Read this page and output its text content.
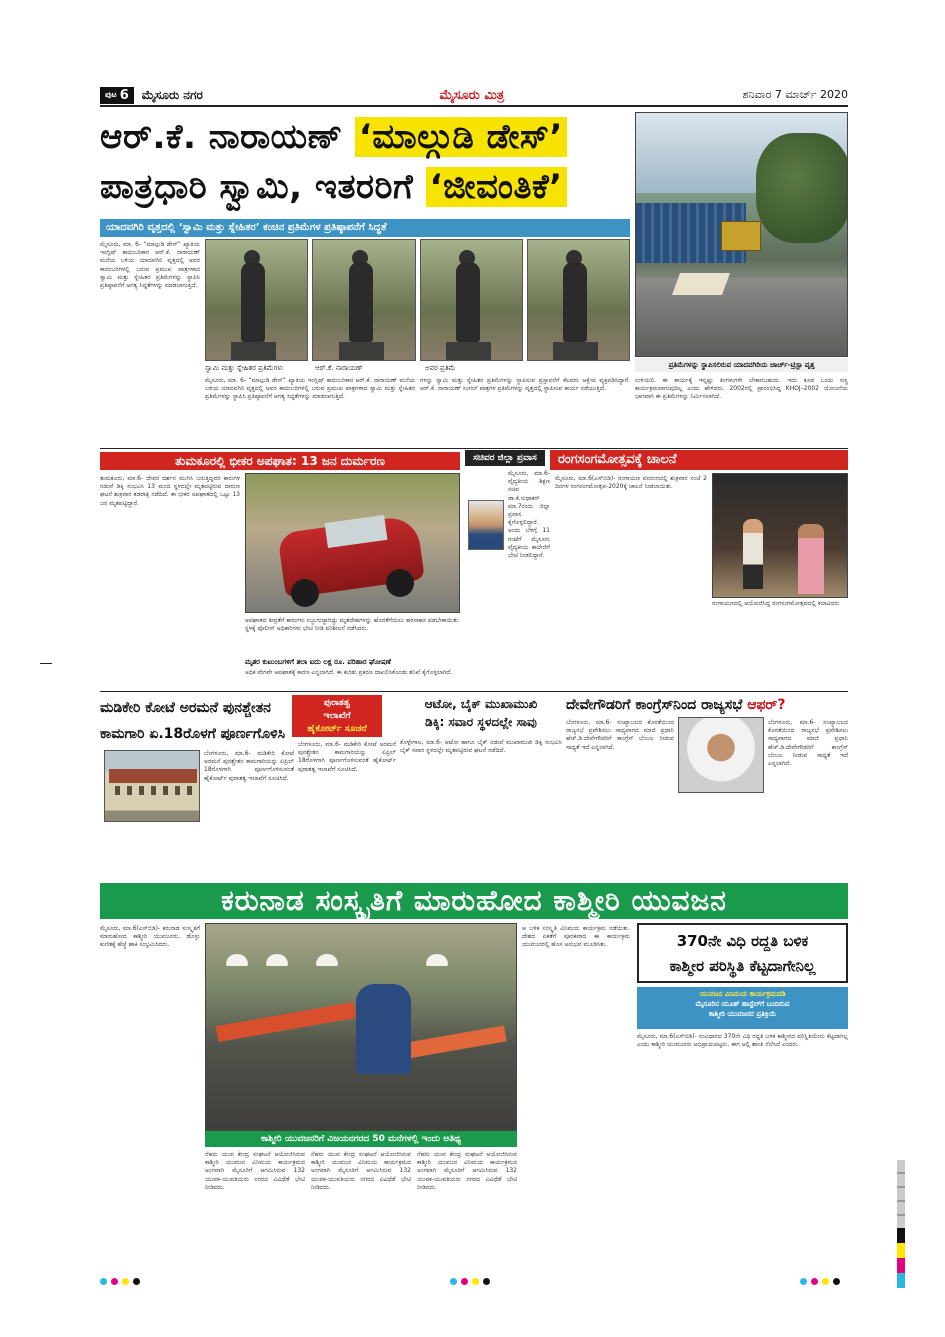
ಪುಟ 6 ಮೈಸೂರು ನಗರ	ಮೈಸೂರು ಮಿತ್ರ	ಶನಿವಾರ 7 ಮಾರ್ಚ್ 2020
ಆರ್.ಕೆ. ನಾರಾಯಣ್ ‘ಮಾಲ್ಗುಡಿ ಡೇಸ್’
ಪಾತ್ರಧಾರಿ ಸ್ವಾಮಿ, ಇತರರಿಗೆ ‘ಜೀವಂತಿಕೆ’
ಪ್ರತಿಮೆಗಳನ್ನು ಸ್ಥಾಪಿಸಲಿರುವ ಯಾದವಗಿರಿಯ ಚಾರ್ಚ್-ಟ್ರಿಸ್ಟಾ ವೃತ್ತ
ಯಾದವಗಿರಿ ವೃತ್ತದಲ್ಲಿ ‘ಸ್ವಾಮಿ ಮತ್ತು ಸ್ನೇಹಿತರ’ ಕಂಚಿನ ಪ್ರತಿಮೆಗಳ ಪ್ರತಿಷ್ಠಾಪನೆಗೆ ಸಿದ್ಧತೆ
ಮೈಸೂರು, ಮಾ. 6- “ಮಾಲ್ಗುಡಿ ಡೇಸ್” ಖ್ಯಾತಿಯ ಇಂಗ್ಲಿಷ್ ಕಾದಂಬರಿಕಾರ ಆರ್.ಕೆ. ನಾರಾಯಣ್ ಮನೆಯ ಬಳಿಯ ಯಾದವಗಿರಿ ವೃತ್ತದಲ್ಲಿ ಅವರ ಕಾದಂಬರಿಗಳಲ್ಲಿ ಬರುವ ಪ್ರಮುಖ ಪಾತ್ರಗಳಾದ ಸ್ವಾಮಿ ಮತ್ತು ಸ್ನೇಹಿತರ ಪ್ರತಿಮೆಗಳನ್ನು ಸ್ಥಾಪಿಸಿ ಪ್ರತಿಷ್ಠಾಪನೆಗೆ ಅಗತ್ಯ ಸಿದ್ಧತೆಗಳನ್ನು ಮಾಡಲಾಗುತ್ತಿದೆ.
ಸ್ವಾಮಿ ಮತ್ತು ಸ್ನೇಹಿತರ ಪ್ರತಿಮೆಗಳು	ಆರ್.ಕೆ. ನಾರಾಯಣ್	ಅವರ ಪ್ರತಿಮೆ
ಮೈಸೂರು, ಮಾ. 6- “ಮಾಲ್ಗುಡಿ ಡೇಸ್” ಖ್ಯಾತಿಯ ಇಂಗ್ಲಿಷ್ ಕಾದಂಬರಿಕಾರ ಆರ್.ಕೆ. ನಾರಾಯಣ್ ಮನೆಯ ಬಳಿಯ ಯಾದವಗಿರಿ ವೃತ್ತದಲ್ಲಿ ಅವರ ಕಾದಂಬರಿಗಳಲ್ಲಿ ಬರುವ ಪ್ರಮುಖ ಪಾತ್ರಗಳಾದ ಸ್ವಾಮಿ ಮತ್ತು ಸ್ನೇಹಿತರ ಪ್ರತಿಮೆಗಳನ್ನು ಸ್ಥಾಪಿಸಿ ಪ್ರತಿಷ್ಠಾಪನೆಗೆ ಅಗತ್ಯ ಸಿದ್ಧತೆಗಳನ್ನು ಮಾಡಲಾಗುತ್ತಿದೆ.
ಗಳನ್ನು ಸ್ವಾಮಿ ಮತ್ತು ಸ್ನೇಹಿತರ ಪ್ರತಿಮೆಗಳನ್ನು ಸ್ಥಾಪಿಸುವ ಪ್ರಸ್ತಾವನೆಗೆ ಕೆಲವರು ಆಕ್ಷೇಪ ವ್ಯಕ್ತಪಡಿಸಿದ್ದಾರೆ. ಆರ್.ಕೆ. ನಾರಾಯಣ್ ಸಿಂಗಲ್ ಪಾತ್ರಗಳ ಪ್ರತಿಮೆಗಳನ್ನು ವೃತ್ತದಲ್ಲಿ ಸ್ಥಾಪಿಸುವ ಕಾರ್ಯ ನಡೆಯುತ್ತಿದೆ.
ಉಳಿಯಲಿ. ಈ ಕಾರ್ಯಕ್ಕೆ ಇನ್ನಷ್ಟು ತಿಂಗಳುಗಳೇ ಬೇಕಾಗಬಹುದು. ಇದು ಕೂಡ ಒಂದು ಸಣ್ಣ ಕಾರ್ಯಕ್ರಮವಾಗುವುದಿಲ್ಲ ಎಂದು ಹೇಳಿದರು. 2002ರಲ್ಲಿ ಪ್ರಾರಂಭಿಸಿದ್ದ KHOJ–2002 ಯೋಜನೆಯ ಭಾಗವಾಗಿ ಈ ಪ್ರತಿಮೆಗಳನ್ನು ನಿರ್ಮಿಸಲಾಗಿದೆ.
ತುಮಕೂರಲ್ಲಿ ಭೀಕರ ಅಪಘಾತ: 13 ಜನ ದುರ್ಮರಣ
ತುಮಕೂರು, ಮಾ.6- ದೇವರ ದರ್ಶನ ಮುಗಿಸಿ ಬರುತ್ತಿದ್ದವರ ಕಾರುಗಳ ನಡುವೆ ಡಿಕ್ಕಿ ಸಂಭವಿಸಿ 13 ಮಂದಿ ಸ್ಥಳದಲ್ಲೇ ಮೃತಪಟ್ಟಿರುವ ದಾರುಣ ಘಟನೆ ಶುಕ್ರವಾರ ತಡರಾತ್ರಿ ನಡೆದಿದೆ. ಈ ಭೀಕರ ಅಪಘಾತದಲ್ಲಿ ಒಟ್ಟು 13 ಜನ ಮೃತಪಟ್ಟಿದ್ದಾರೆ.
ಅಪಘಾತದ ತೀವ್ರತೆಗೆ ಕಾರುಗಳು ನಜ್ಜುಗುಜ್ಜಾಗಿದ್ದು ಮೃತದೇಹಗಳನ್ನು ಹೊರತೆಗೆಯಲು ಹರಸಾಹಸ ಪಡಬೇಕಾಯಿತು. ಸ್ಥಳಕ್ಕೆ ಪೊಲೀಸ್ ಅಧಿಕಾರಿಗಳು ಭೇಟಿ ನೀಡಿ ಪರಿಶೀಲನೆ ನಡೆಸಿದರು.
ಮೃತರ ಕುಟುಂಬಗಳಿಗೆ ತಲಾ ಐದು ಲಕ್ಷ ರೂ. ಪರಿಹಾರ ಘೋಷಣೆ
ಅಧಿಕ ವೇಗವೇ ಅಪಘಾತಕ್ಕೆ ಕಾರಣ ಎನ್ನಲಾಗಿದೆ. ಈ ಕುರಿತು ಪ್ರಕರಣ ದಾಖಲಿಸಿಕೊಂಡು ತನಿಖೆ ಕೈಗೊಳ್ಳಲಾಗಿದೆ.
ಸಚಿವರ ಜಿಲ್ಲಾ ಪ್ರವಾಸ
ಮೈಸೂರು, ಮಾ.6- ವೈದ್ಯಕೀಯ ಶಿಕ್ಷಣ ಸಚಿವ ಡಾ.ಕೆ.ಸುಧಾಕರ್ ಮಾ.7ರಂದು ಜಿಲ್ಲಾ ಪ್ರವಾಸ ಕೈಗೊಳ್ಳಲಿದ್ದಾರೆ. ಅಂದು ಬೆಳಿಗ್ಗೆ 11 ಗಂಟೆಗೆ ಮೈಸೂರು ವೈದ್ಯಕೀಯ ಕಾಲೇಜಿಗೆ ಭೇಟಿ ನೀಡಲಿದ್ದಾರೆ.
ರಂಗಸಂಗಮೋತ್ಸವಕ್ಕೆ ಚಾಲನೆ
ಮೈಸೂರು, ಮಾ.6(ಎಸ್‍ಬಿಡಿ)- ರಂಗಾಯಣ ವನರಂಗದಲ್ಲಿ ಶುಕ್ರವಾರ ಸಂಜೆ 2 ದಿನಗಳ ರಂಗಸಂಗಮೋತ್ಸವ-2020ಕ್ಕೆ ಚಾಲನೆ ನೀಡಲಾಯಿತು.
ರಂಗಾಯಣದಲ್ಲಿ ಆಯೋಜಿಸಿದ್ದ ರಂಗಸಂಗಮೋತ್ಸವದಲ್ಲಿ ಕಲಾವಿದರು
ಮಡಿಕೇರಿ ಕೋಟೆ ಅರಮನೆ ಪುನಶ್ಚೇತನ
ಕಾಮಗಾರಿ ಏ.18ರೊಳಗೆ ಪೂರ್ಣಗೊಳಿಸಿ
ಪುರಾತತ್ವ
ಇಲಾಖೆಗೆ
ಹೈಕೋರ್ಟ್ ಸೂಚನೆ
ಬೆಂಗಳೂರು, ಮಾ.6- ಮಡಿಕೇರಿ ಕೋಟೆ ಅರಮನೆ ಪುನಶ್ಚೇತನ ಕಾಮಗಾರಿಯನ್ನು ಏಪ್ರಿಲ್ 18ರೊಳಗಾಗಿ ಪೂರ್ಣಗೊಳಿಸುವಂತೆ ಹೈಕೋರ್ಟ್ ಪುರಾತತ್ವ ಇಲಾಖೆಗೆ ಸೂಚಿಸಿದೆ.
ಬೆಂಗಳೂರು, ಮಾ.6- ಮಡಿಕೇರಿ ಕೋಟೆ ಅರಮನೆ ಪುನಶ್ಚೇತನ ಕಾಮಗಾರಿಯನ್ನು ಏಪ್ರಿಲ್ 18ರೊಳಗಾಗಿ ಪೂರ್ಣಗೊಳಿಸುವಂತೆ ಹೈಕೋರ್ಟ್ ಪುರಾತತ್ವ ಇಲಾಖೆಗೆ ಸೂಚಿಸಿದೆ.
ಆಟೋ, ಬೈಕ್ ಮುಖಾಮುಖಿ
ಡಿಕ್ಕಿ: ಸವಾರ ಸ್ಥಳದಲ್ಲೇ ಸಾವು
ಕೊಳ್ಳೇಗಾಲ, ಮಾ.6- ಆಟೋ ಹಾಗೂ ಬೈಕ್ ನಡುವೆ ಮುಖಾಮುಖಿ ಡಿಕ್ಕಿ ಸಂಭವಿಸಿ ಬೈಕ್ ಸವಾರ ಸ್ಥಳದಲ್ಲೇ ಮೃತಪಟ್ಟಿರುವ ಘಟನೆ ನಡೆದಿದೆ.
ದೇವೇಗೌಡರಿಗೆ ಕಾಂಗ್ರೆಸ್‍ನಿಂದ ರಾಜ್ಯಸಭೆ ಆಫರ್?
ಬೆಂಗಳೂರು, ಮಾ.6- ಸಂಖ್ಯಾಬಲದ ಕೊರತೆಯಿಂದ ರಾಜ್ಯಸಭೆ ಪ್ರವೇಶಿಸಲು ಸಾಧ್ಯವಾಗದ ಮಾಜಿ ಪ್ರಧಾನಿ ಹೆಚ್.ಡಿ.ದೇವೇಗೌಡರಿಗೆ ಕಾಂಗ್ರೆಸ್ ಬೆಂಬಲ ನೀಡುವ ಸಾಧ್ಯತೆ ಇದೆ ಎನ್ನಲಾಗಿದೆ.
ಬೆಂಗಳೂರು, ಮಾ.6- ಸಂಖ್ಯಾಬಲದ ಕೊರತೆಯಿಂದ ರಾಜ್ಯಸಭೆ ಪ್ರವೇಶಿಸಲು ಸಾಧ್ಯವಾಗದ ಮಾಜಿ ಪ್ರಧಾನಿ ಹೆಚ್.ಡಿ.ದೇವೇಗೌಡರಿಗೆ ಕಾಂಗ್ರೆಸ್ ಬೆಂಬಲ ನೀಡುವ ಸಾಧ್ಯತೆ ಇದೆ ಎನ್ನಲಾಗಿದೆ.
ಕರುನಾಡ ಸಂಸ್ಕೃತಿಗೆ ಮಾರುಹೋದ ಕಾಶ್ಮೀರಿ ಯುವಜನ
ಮೈಸೂರು, ಮಾ.6(ಎಸ್‍ಬಿಡಿ)- ಕರುನಾಡ ಸಂಸ್ಕೃತಿಗೆ ಮಾರುಹೋದ ಕಾಶ್ಮೀರಿ ಯುವಜನರು, ಡೊಳ್ಳು ಕುಣಿತಕ್ಕೆ ಹೆಜ್ಜೆ ಹಾಕಿ ಸಂಭ್ರಮಿಸಿದರು.
ಕಾಶ್ಮೀರಿ ಯುವಜನರಿಗೆ ವಿಜಯನಗರದ 50 ಮನೆಗಳಲ್ಲಿ ಇಂದು ಆತಿಥ್ಯ
ನೆಹರು ಯುವ ಕೇಂದ್ರ ಸಂಘಟನೆ ಆಯೋಜಿಸಿರುವ ಕಾಶ್ಮೀರಿ ಯುವಜನ ವಿನಿಮಯ ಕಾರ್ಯಕ್ರಮದ ಅಂಗವಾಗಿ ಮೈಸೂರಿಗೆ ಆಗಮಿಸಿರುವ 132 ಯುವಕ-ಯುವತಿಯರು ನಗರದ ವಿವಿಧೆಡೆ ಭೇಟಿ ನೀಡಿದರು.
ನೆಹರು ಯುವ ಕೇಂದ್ರ ಸಂಘಟನೆ ಆಯೋಜಿಸಿರುವ ಕಾಶ್ಮೀರಿ ಯುವಜನ ವಿನಿಮಯ ಕಾರ್ಯಕ್ರಮದ ಅಂಗವಾಗಿ ಮೈಸೂರಿಗೆ ಆಗಮಿಸಿರುವ 132 ಯುವಕ-ಯುವತಿಯರು ನಗರದ ವಿವಿಧೆಡೆ ಭೇಟಿ ನೀಡಿದರು.
ನೆಹರು ಯುವ ಕೇಂದ್ರ ಸಂಘಟನೆ ಆಯೋಜಿಸಿರುವ ಕಾಶ್ಮೀರಿ ಯುವಜನ ವಿನಿಮಯ ಕಾರ್ಯಕ್ರಮದ ಅಂಗವಾಗಿ ಮೈಸೂರಿಗೆ ಆಗಮಿಸಿರುವ 132 ಯುವಕ-ಯುವತಿಯರು ನಗರದ ವಿವಿಧೆಡೆ ಭೇಟಿ ನೀಡಿದರು.
ಆ ಬಳಿಕ ಸಂಸ್ಕೃತಿ ವಿನಿಮಯ ಕಾರ್ಯಕ್ರಮ ನಡೆಯಿತು. ದೇಶದ ಏಕತೆಗೆ ಪೂರಕವಾದ ಈ ಕಾರ್ಯಕ್ರಮ ಯುವಜನರಲ್ಲಿ ಹೊಸ ಅನುಭವ ಮೂಡಿಸಿತು.	370ನೇ ವಿಧಿ ರದ್ದತಿ ಬಳಿಕ
ಕಾಶ್ಮೀರ ಪರಿಸ್ಥಿತಿ ಕೆಟ್ಟದಾಗೇನಿಲ್ಲ
ಯುವಜನ ವಿನಿಮಯ ಕಾರ್ಯಕ್ರಮದಡಿ
ಮೈಸೂರಿನ ಯೂತ್ ಹಾಸ್ಟೆಲ್‍ಗೆ ಬಂದಿರುವ
ಕಾಶ್ಮೀರಿ ಯುವಜನರ ಪ್ರತಿಕ್ರಿಯೆ
ಮೈಸೂರು, ಮಾ.6(ಎಸ್‍ಬಿಡಿ)- ಸಂವಿಧಾನದ 370ನೇ ವಿಧಿ ರದ್ದತಿ ಬಳಿಕ ಕಾಶ್ಮೀರದ ಪರಿಸ್ಥಿತಿಯೇನು ಕೆಟ್ಟದಾಗಿಲ್ಲ ಎಂದು ಕಾಶ್ಮೀರಿ ಯುವಜನರು ಅಭಿಪ್ರಾಯಪಟ್ಟರು. ಈಗ ಅಲ್ಲಿ ಶಾಂತಿ ನೆಲೆಸಿದೆ ಎಂದರು.
